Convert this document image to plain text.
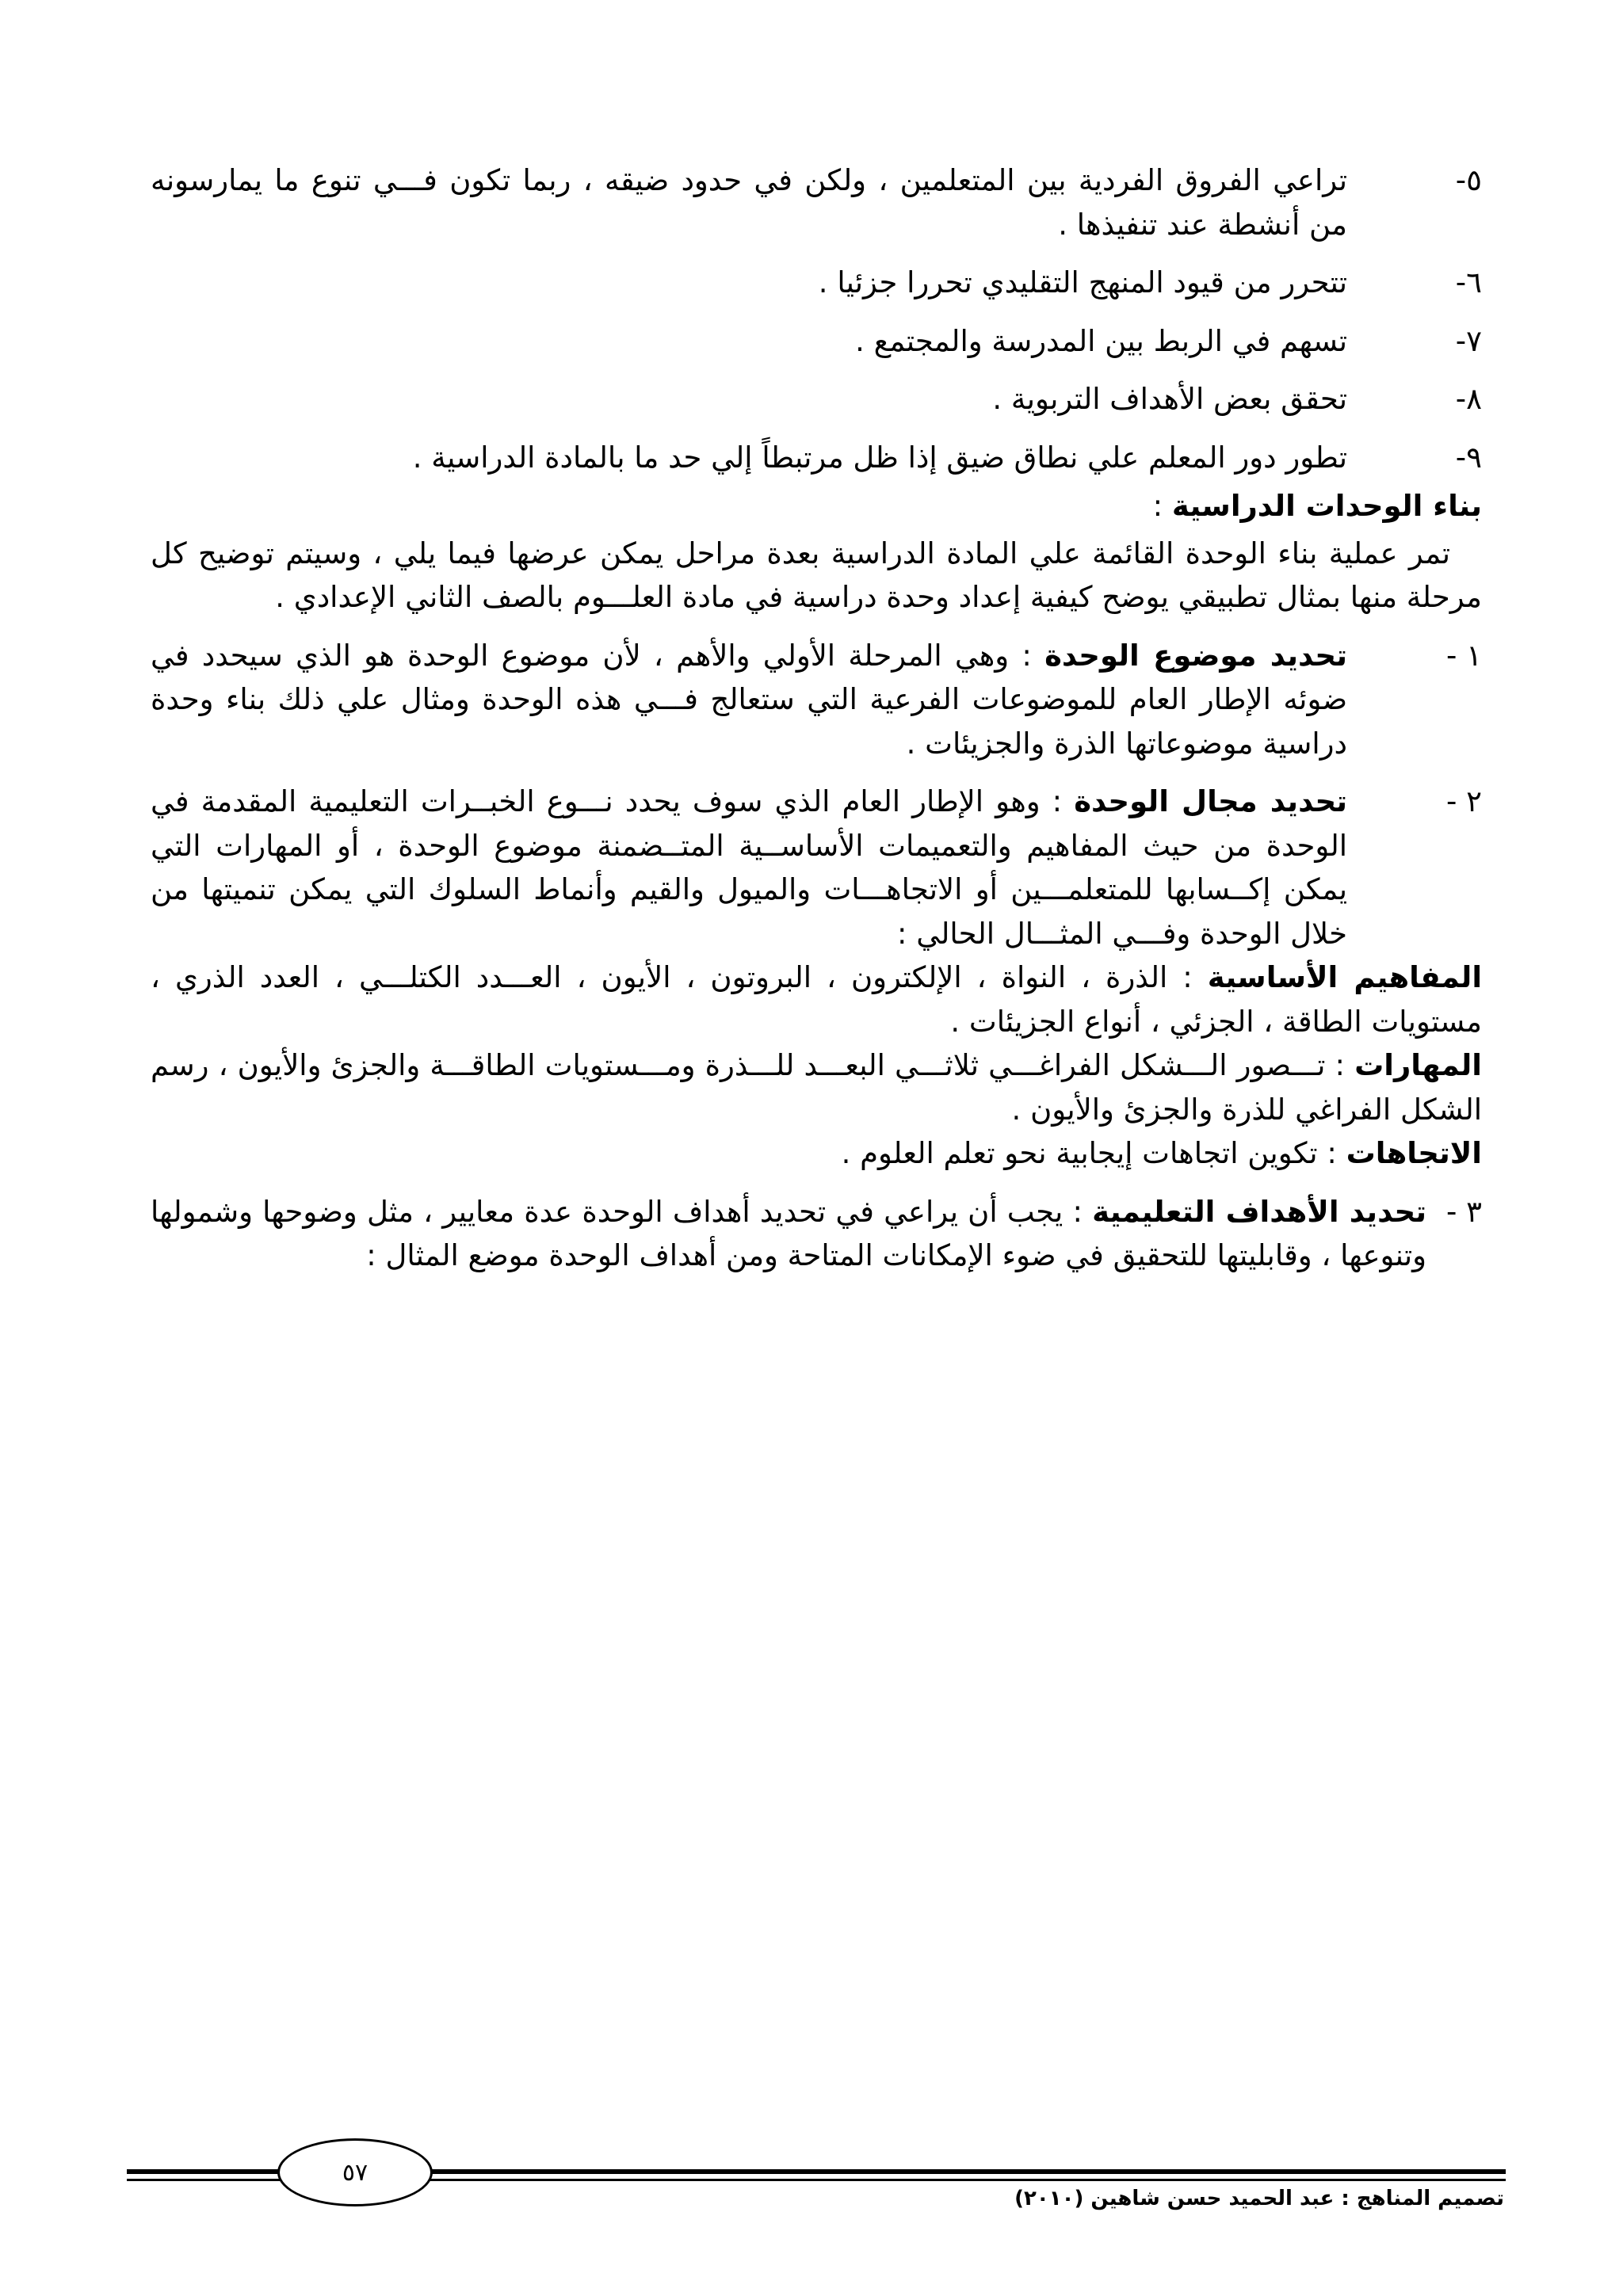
٥-
تراعي الفروق الفردية بين المتعلمين ، ولكن في حدود ضيقه ، ربما تكون فـــي تنوع ما يمارسونه من أنشطة عند تنفيذها .
٦-
تتحرر من قيود المنهج التقليدي تحررا جزئيا .
٧-
تسهم في الربط بين المدرسة والمجتمع .
٨-
تحقق بعض الأهداف التربوية .
٩-
تطور دور المعلم علي نطاق ضيق إذا ظل مرتبطاً إلي حد ما بالمادة الدراسية .
بناء الوحدات الدراسية :
تمر عملية بناء الوحدة القائمة علي المادة الدراسية بعدة مراحل يمكن عرضها فيما يلي ، وسيتم توضيح كل مرحلة منها بمثال تطبيقي يوضح كيفية إعداد وحدة دراسية في مادة العلـــوم بالصف الثاني الإعدادي .
١ -
تحديد موضوع الوحدة : وهي المرحلة الأولي والأهم ، لأن موضوع الوحدة هو الذي سيحدد في ضوئه الإطار العام للموضوعات الفرعية التي ستعالج فـــي هذه الوحدة ومثال علي ذلك بناء وحدة دراسية موضوعاتها الذرة والجزيئات .
٢ -
تحديد مجال الوحدة : وهو الإطار العام الذي سوف يحدد نـــوع الخبــرات التعليمية المقدمة في الوحدة من حيث المفاهيم والتعميمات الأساســية المتــضمنة موضوع الوحدة ، أو المهارات التي يمكن إكــسابها للمتعلمـــين أو الاتجاهـــات والميول والقيم وأنماط السلوك التي يمكن تنميتها من خلال الوحدة وفـــي المثـــال الحالي :
المفاهيم الأساسية : الذرة ، النواة ، الإلكترون ، البروتون ، الأيون ، العـــدد الكتلـــي ، العدد الذري ، مستويات الطاقة ، الجزئي ، أنواع الجزيئات .
المهارات : تـــصور الـــشكل الفراغـــي ثلاثـــي البعـــد للـــذرة ومـــستويات الطاقـــة والجزئ والأيون ، رسم الشكل الفراغي للذرة والجزئ والأيون .
الاتجاهات : تكوين اتجاهات إيجابية نحو تعلم العلوم .
٣ -
تحديد الأهداف التعليمية : يجب أن يراعي في تحديد أهداف الوحدة عدة معايير ، مثل وضوحها وشمولها وتنوعها ، وقابليتها للتحقيق في ضوء الإمكانات المتاحة ومن أهداف الوحدة موضع المثال :
٥٧
تصميم المناهج : عبد الحميد حسن شاهين (٢٠١٠)
